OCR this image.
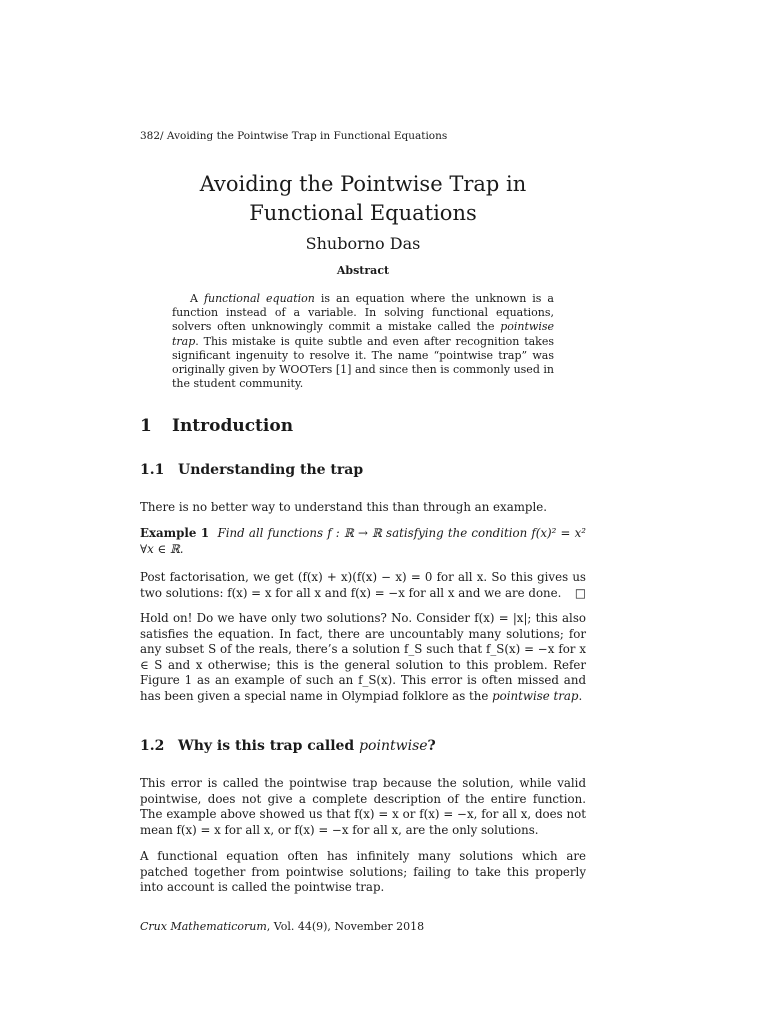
382/ Avoiding the Pointwise Trap in Functional Equations
Avoiding the Pointwise Trap in
Functional Equations
Shuborno Das
Abstract

A functional equation is an equation where the unknown is a function instead of a variable. In solving functional equations, solvers often unknowingly commit a mistake called the pointwise trap. This mistake is quite subtle and even after recognition takes significant ingenuity to resolve it. The name “pointwise trap” was originally given by WOOTers [1] and since then is commonly used in the student community.

1 Introduction
1.1 Understanding the trap

There is no better way to understand this than through an example.

Example 1 Find all functions f : ℝ → ℝ satisfying the condition f(x)² = x² ∀x ∈ ℝ.

Post factorisation, we get (f(x) + x)(f(x) − x) = 0 for all x. So this gives us two solutions: f(x) = x for all x and f(x) = −x for all x and we are done. □

Hold on! Do we have only two solutions? No. Consider f(x) = |x|; this also satisfies the equation. In fact, there are uncountably many solutions; for any subset S of the reals, there’s a solution f_S such that f_S(x) = −x for x ∈ S and x otherwise; this is the general solution to this problem. Refer Figure 1 as an example of such an f_S(x). This error is often missed and has been given a special name in Olympiad folklore as the pointwise trap.

1.2 Why is this trap called pointwise?

This error is called the pointwise trap because the solution, while valid pointwise, does not give a complete description of the entire function. The example above showed us that f(x) = x or f(x) = −x, for all x, does not mean f(x) = x for all x, or f(x) = −x for all x, are the only solutions.

A functional equation often has infinitely many solutions which are patched together from pointwise solutions; failing to take this properly into account is called the pointwise trap.

Crux Mathematicorum, Vol. 44(9), November 2018
